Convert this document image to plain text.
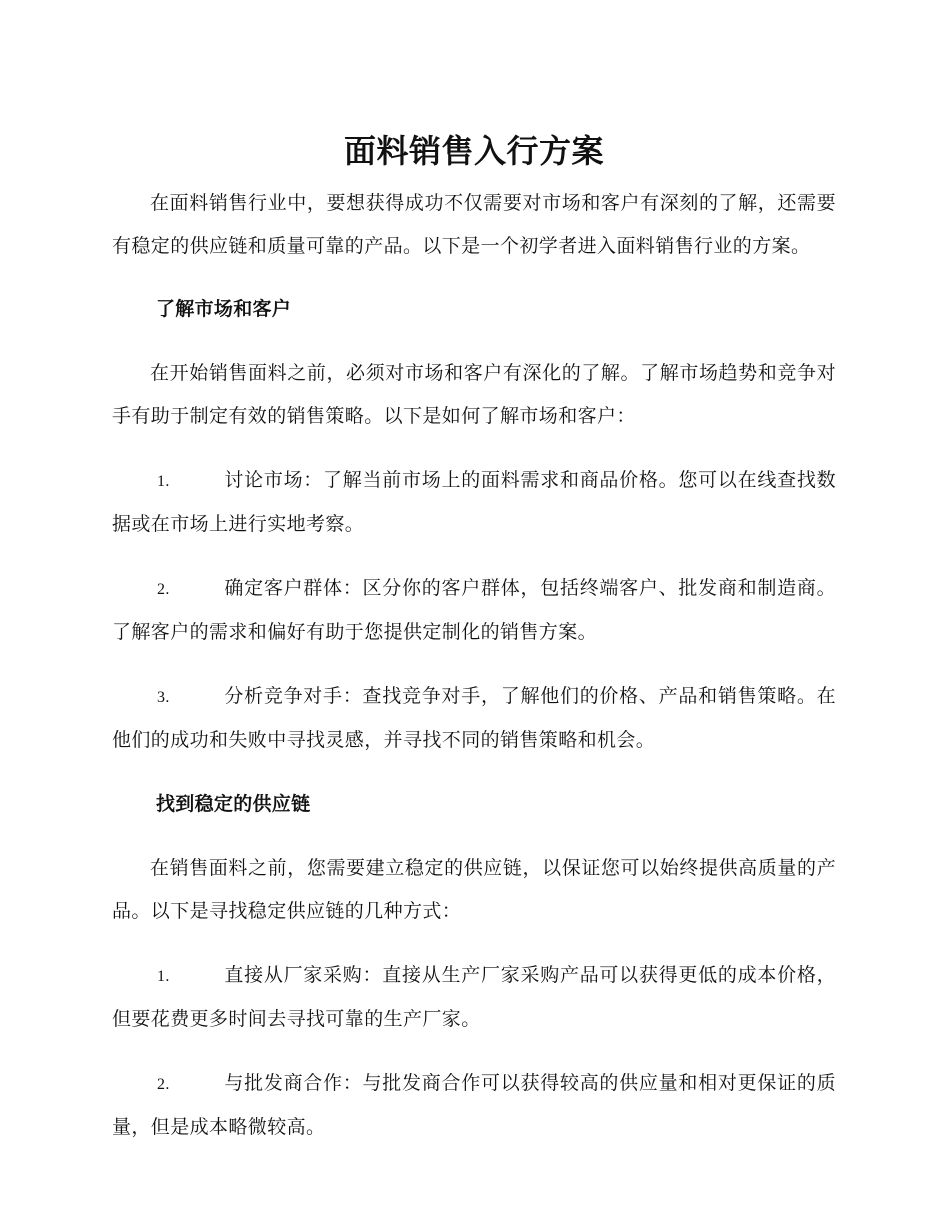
面料销售入行方案

在面料销售行业中，要想获得成功不仅需要对市场和客户有深刻的了解，还需要有稳定的供应链和质量可靠的产品。以下是一个初学者进入面料销售行业的方案。

了解市场和客户

在开始销售面料之前，必须对市场和客户有深化的了解。了解市场趋势和竞争对手有助于制定有效的销售策略。以下是如何了解市场和客户：

1.	讨论市场：了解当前市场上的面料需求和商品价格。您可以在线查找数据或在市场上进行实地考察。
2.	确定客户群体：区分你的客户群体，包括终端客户、批发商和制造商。了解客户的需求和偏好有助于您提供定制化的销售方案。
3.	分析竞争对手：查找竞争对手，了解他们的价格、产品和销售策略。在他们的成功和失败中寻找灵感，并寻找不同的销售策略和机会。
找到稳定的供应链

在销售面料之前，您需要建立稳定的供应链，以保证您可以始终提供高质量的产品。以下是寻找稳定供应链的几种方式：

1.	直接从厂家采购：直接从生产厂家采购产品可以获得更低的成本价格，但要花费更多时间去寻找可靠的生产厂家。
2.	与批发商合作：与批发商合作可以获得较高的供应量和相对更保证的质量，但是成本略微较高。
